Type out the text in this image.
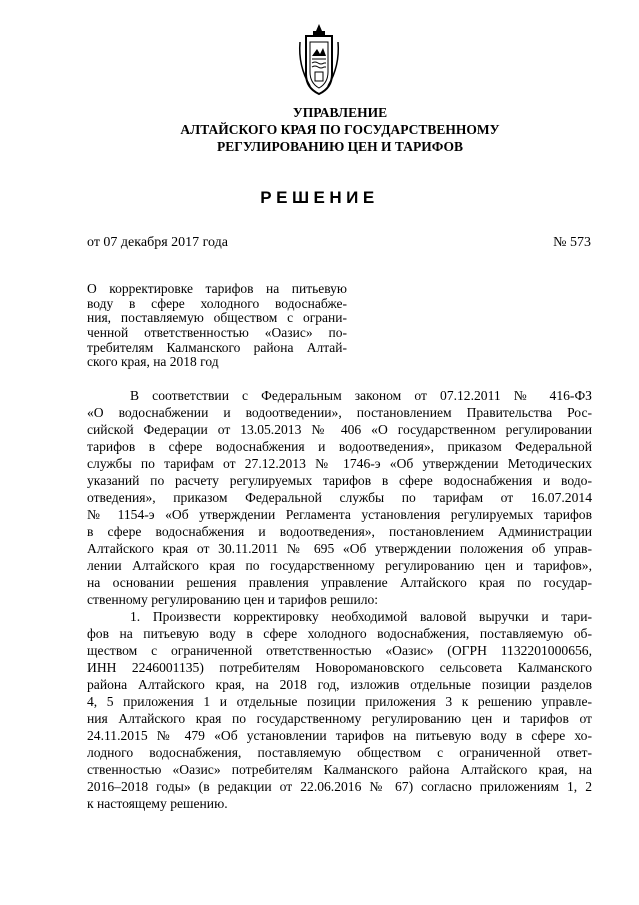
УПРАВЛЕНИЕ
АЛТАЙСКОГО КРАЯ ПО ГОСУДАРСТВЕННОМУ
РЕГУЛИРОВАНИЮ ЦЕН И ТАРИФОВ
РЕШЕНИЕ
от 07 декабря 2017 года	№ 573
О корректировке тарифов на питьевую
воду в сфере холодного водоснабже-
ния, поставляемую обществом с ограни-
ченной ответственностью «Оазис» по-
требителям Калманского района Алтай-
ского края, на 2018 год
В соответствии с Федеральным законом от 07.12.2011 № 416-ФЗ
«О водоснабжении и водоотведении», постановлением Правительства Рос-
сийской Федерации от 13.05.2013 № 406 «О государственном регулировании
тарифов в сфере водоснабжения и водоотведения», приказом Федеральной
службы по тарифам от 27.12.2013 № 1746-э «Об утверждении Методических
указаний по расчету регулируемых тарифов в сфере водоснабжения и водо-
отведения», приказом Федеральной службы по тарифам от 16.07.2014
№ 1154-э «Об утверждении Регламента установления регулируемых тарифов
в сфере водоснабжения и водоотведения», постановлением Администрации
Алтайского края от 30.11.2011 № 695 «Об утверждении положения об управ-
лении Алтайского края по государственному регулированию цен и тарифов»,
на основании решения правления управление Алтайского края по государ-
ственному регулированию цен и тарифов решило:
1. Произвести корректировку необходимой валовой выручки и тари-
фов на питьевую воду в сфере холодного водоснабжения, поставляемую об-
ществом с ограниченной ответственностью «Оазис» (ОГРН 1132201000656,
ИНН 2246001135) потребителям Новоромановского сельсовета Калманского
района Алтайского края, на 2018 год, изложив отдельные позиции разделов
4, 5 приложения 1 и отдельные позиции приложения 3 к решению управле-
ния Алтайского края по государственному регулированию цен и тарифов от
24.11.2015 № 479 «Об установлении тарифов на питьевую воду в сфере хо-
лодного водоснабжения, поставляемую обществом с ограниченной ответ-
ственностью «Оазис» потребителям Калманского района Алтайского края, на
2016–2018 годы» (в редакции от 22.06.2016 № 67) согласно приложениям 1, 2
к настоящему решению.
